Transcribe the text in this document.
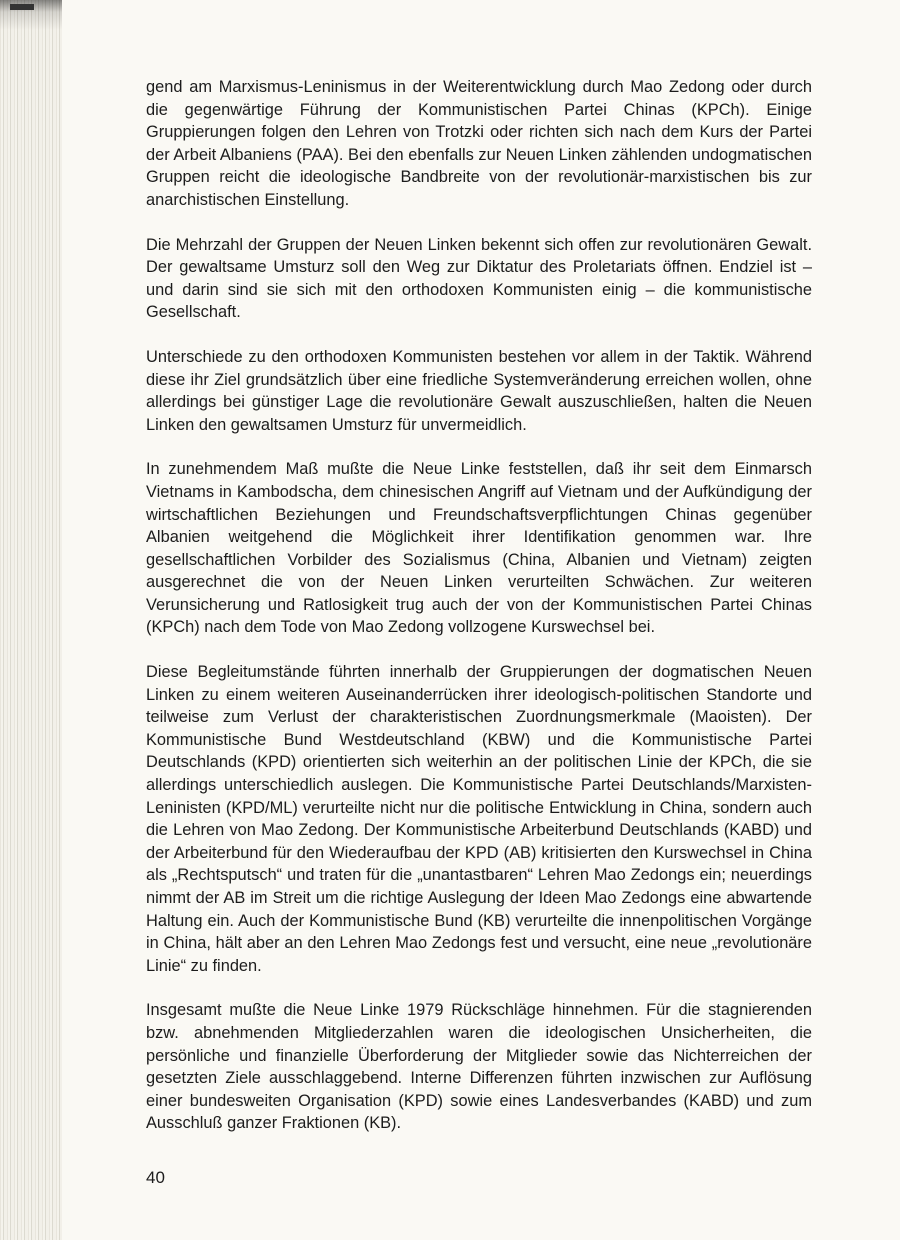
gend am Marxismus-Leninismus in der Weiterentwicklung durch Mao Zedong oder durch die gegenwärtige Führung der Kommunistischen Partei Chinas (KPCh). Einige Gruppierungen folgen den Lehren von Trotzki oder richten sich nach dem Kurs der Partei der Arbeit Albaniens (PAA). Bei den ebenfalls zur Neuen Linken zählenden undogmatischen Gruppen reicht die ideologische Bandbreite von der revolutionär-marxistischen bis zur anarchistischen Einstellung.

Die Mehrzahl der Gruppen der Neuen Linken bekennt sich offen zur revolutionären Gewalt. Der gewaltsame Umsturz soll den Weg zur Diktatur des Proletariats öffnen. Endziel ist – und darin sind sie sich mit den orthodoxen Kommunisten einig – die kommunistische Gesellschaft.

Unterschiede zu den orthodoxen Kommunisten bestehen vor allem in der Taktik. Während diese ihr Ziel grundsätzlich über eine friedliche Systemveränderung erreichen wollen, ohne allerdings bei günstiger Lage die revolutionäre Gewalt auszuschließen, halten die Neuen Linken den gewaltsamen Umsturz für unvermeidlich.

In zunehmendem Maß mußte die Neue Linke feststellen, daß ihr seit dem Einmarsch Vietnams in Kambodscha, dem chinesischen Angriff auf Vietnam und der Aufkündigung der wirtschaftlichen Beziehungen und Freundschaftsverpflichtungen Chinas gegenüber Albanien weitgehend die Möglichkeit ihrer Identifikation genommen war. Ihre gesellschaftlichen Vorbilder des Sozialismus (China, Albanien und Vietnam) zeigten ausgerechnet die von der Neuen Linken verurteilten Schwächen. Zur weiteren Verunsicherung und Ratlosigkeit trug auch der von der Kommunistischen Partei Chinas (KPCh) nach dem Tode von Mao Zedong vollzogene Kurswechsel bei.

Diese Begleitumstände führten innerhalb der Gruppierungen der dogmatischen Neuen Linken zu einem weiteren Auseinanderrücken ihrer ideologisch-politischen Standorte und teilweise zum Verlust der charakteristischen Zuordnungsmerkmale (Maoisten). Der Kommunistische Bund Westdeutschland (KBW) und die Kommunistische Partei Deutschlands (KPD) orientierten sich weiterhin an der politischen Linie der KPCh, die sie allerdings unterschiedlich auslegen. Die Kommunistische Partei Deutschlands/Marxisten-Leninisten (KPD/ML) verurteilte nicht nur die politische Entwicklung in China, sondern auch die Lehren von Mao Zedong. Der Kommunistische Arbeiterbund Deutschlands (KABD) und der Arbeiterbund für den Wiederaufbau der KPD (AB) kritisierten den Kurswechsel in China als „Rechtsputsch“ und traten für die „unantastbaren“ Lehren Mao Zedongs ein; neuerdings nimmt der AB im Streit um die richtige Auslegung der Ideen Mao Zedongs eine abwartende Haltung ein. Auch der Kommunistische Bund (KB) verurteilte die innenpolitischen Vorgänge in China, hält aber an den Lehren Mao Zedongs fest und versucht, eine neue „revolutionäre Linie“ zu finden.

Insgesamt mußte die Neue Linke 1979 Rückschläge hinnehmen. Für die stagnierenden bzw. abnehmenden Mitgliederzahlen waren die ideologischen Unsicherheiten, die persönliche und finanzielle Überforderung der Mitglieder sowie das Nichterreichen der gesetzten Ziele ausschlaggebend. Interne Differenzen führten inzwischen zur Auflösung einer bundesweiten Organisation (KPD) sowie eines Landesverbandes (KABD) und zum Ausschluß ganzer Fraktionen (KB).

40
